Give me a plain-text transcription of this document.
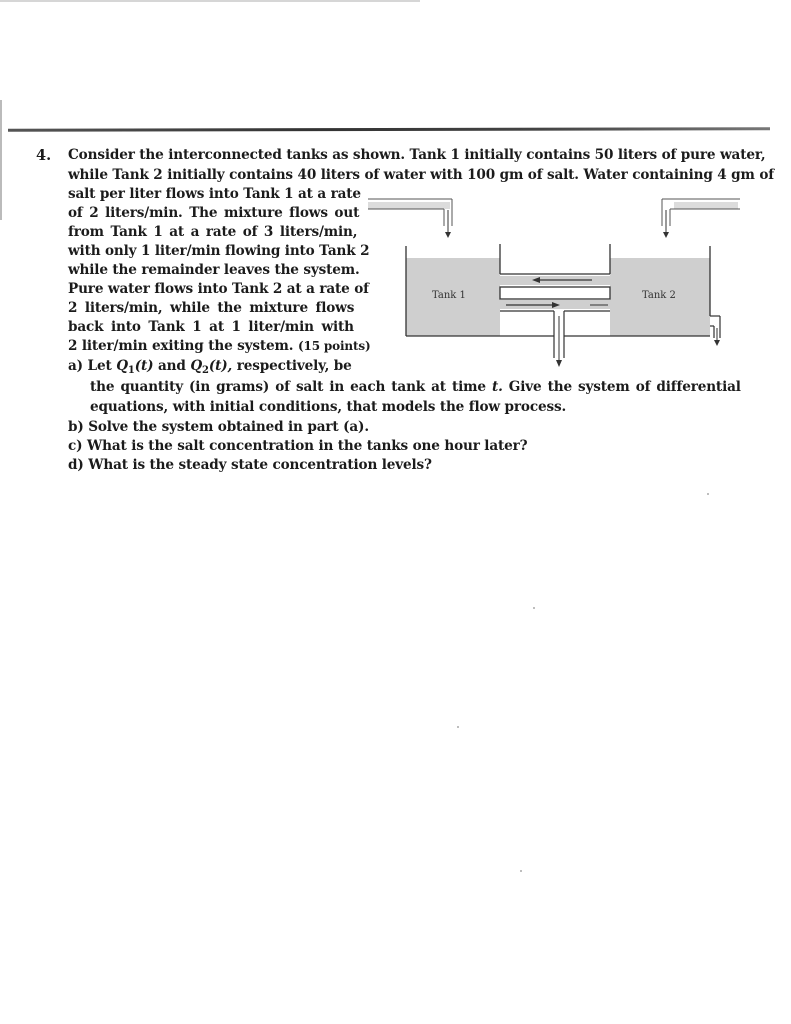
4. Consider the interconnected tanks as shown. Tank 1 initially contains 50 liters of pure water,
while Tank 2 initially contains 40 liters of water with 100 gm of salt. Water containing 4 gm of
salt per liter flows into Tank 1 at a rate
of 2 liters/min. The mixture flows out
from Tank 1 at a rate of 3 liters/min,
with only 1 liter/min flowing into Tank 2
while the remainder leaves the system.
Pure water flows into Tank 2 at a rate of
2 liters/min, while the mixture flows
back into Tank 1 at 1 liter/min with
2 liter/min exiting the system. (15 points)
a) Let $Q_1(t)$ and $Q_2(t)$, respectively, be
the quantity (in grams) of salt in each tank at time t. Give the system of differential
equations, with initial conditions, that models the flow process.
b) Solve the system obtained in part (a).
c) What is the salt concentration in the tanks one hour later?
d) What is the steady state concentration levels?
Tank 1	Tank 2
